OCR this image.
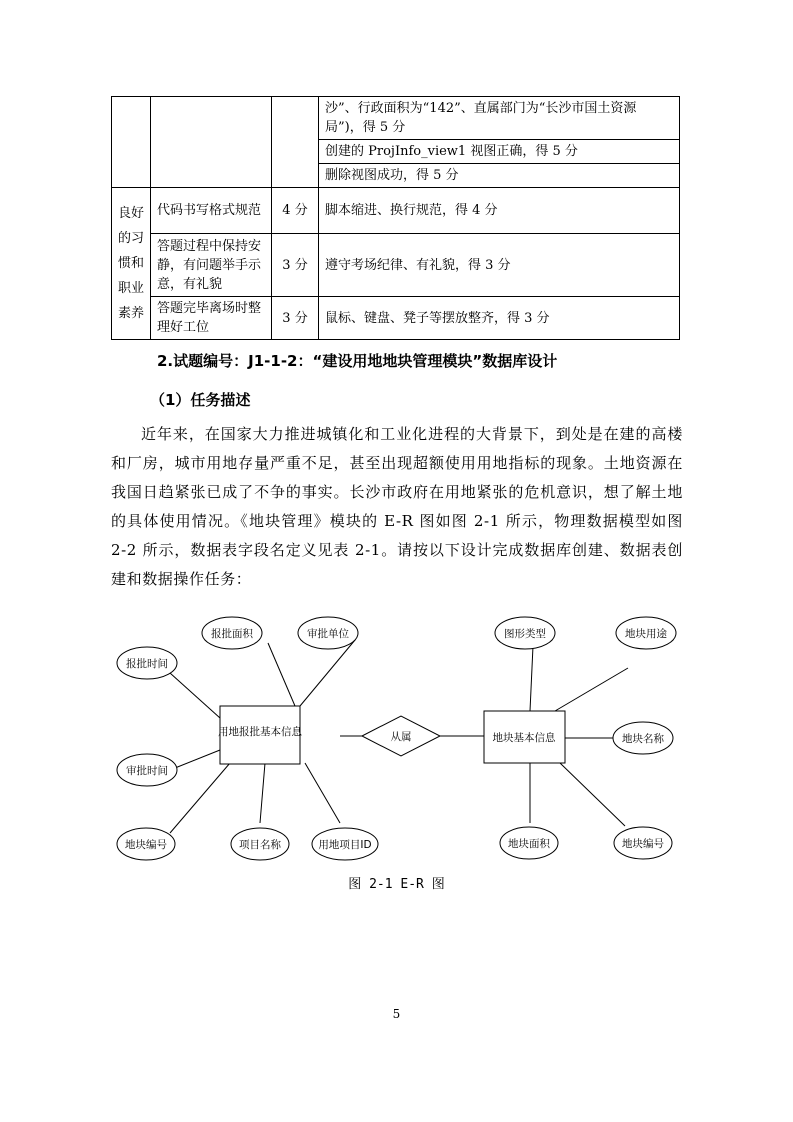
			沙”、行政面积为“142”、直属部门为“长沙市国土资源局”)，得 5 分
			创建的 ProjInfo_view1 视图正确，得 5 分
			删除视图成功，得 5 分
良好的习惯和职业素养	代码书写格式规范	4 分	脚本缩进、换行规范，得 4 分
	答题过程中保持安静，有问题举手示意，有礼貌	3 分	遵守考场纪律、有礼貌，得 3 分
	答题完毕离场时整理好工位	3 分	鼠标、键盘、凳子等摆放整齐，得 3 分
2.试题编号：J1-1-2：“建设用地地块管理模块”数据库设计
（1）任务描述

近年来，在国家大力推进城镇化和工业化进程的大背景下，到处是在建的高楼和厂房，城市用地存量严重不足，甚至出现超额使用用地指标的现象。土地资源在我国日趋紧张已成了不争的事实。长沙市政府在用地紧张的危机意识，想了解土地的具体使用情况。《地块管理》模块的 E-R 图如图 2-1 所示，物理数据模型如图 2-2 所示，数据表字段名定义见表 2-1。请按以下设计完成数据库创建、数据表创建和数据操作任务：

报批面积	审批单位
报批时间
审批时间
地块编号	项目名称	用地项目ID
用地报批基本信息	从属	地块基本信息
图形类型	地块用途
地块名称
地块面积	地块编号
图 2-1 E-R 图
5
